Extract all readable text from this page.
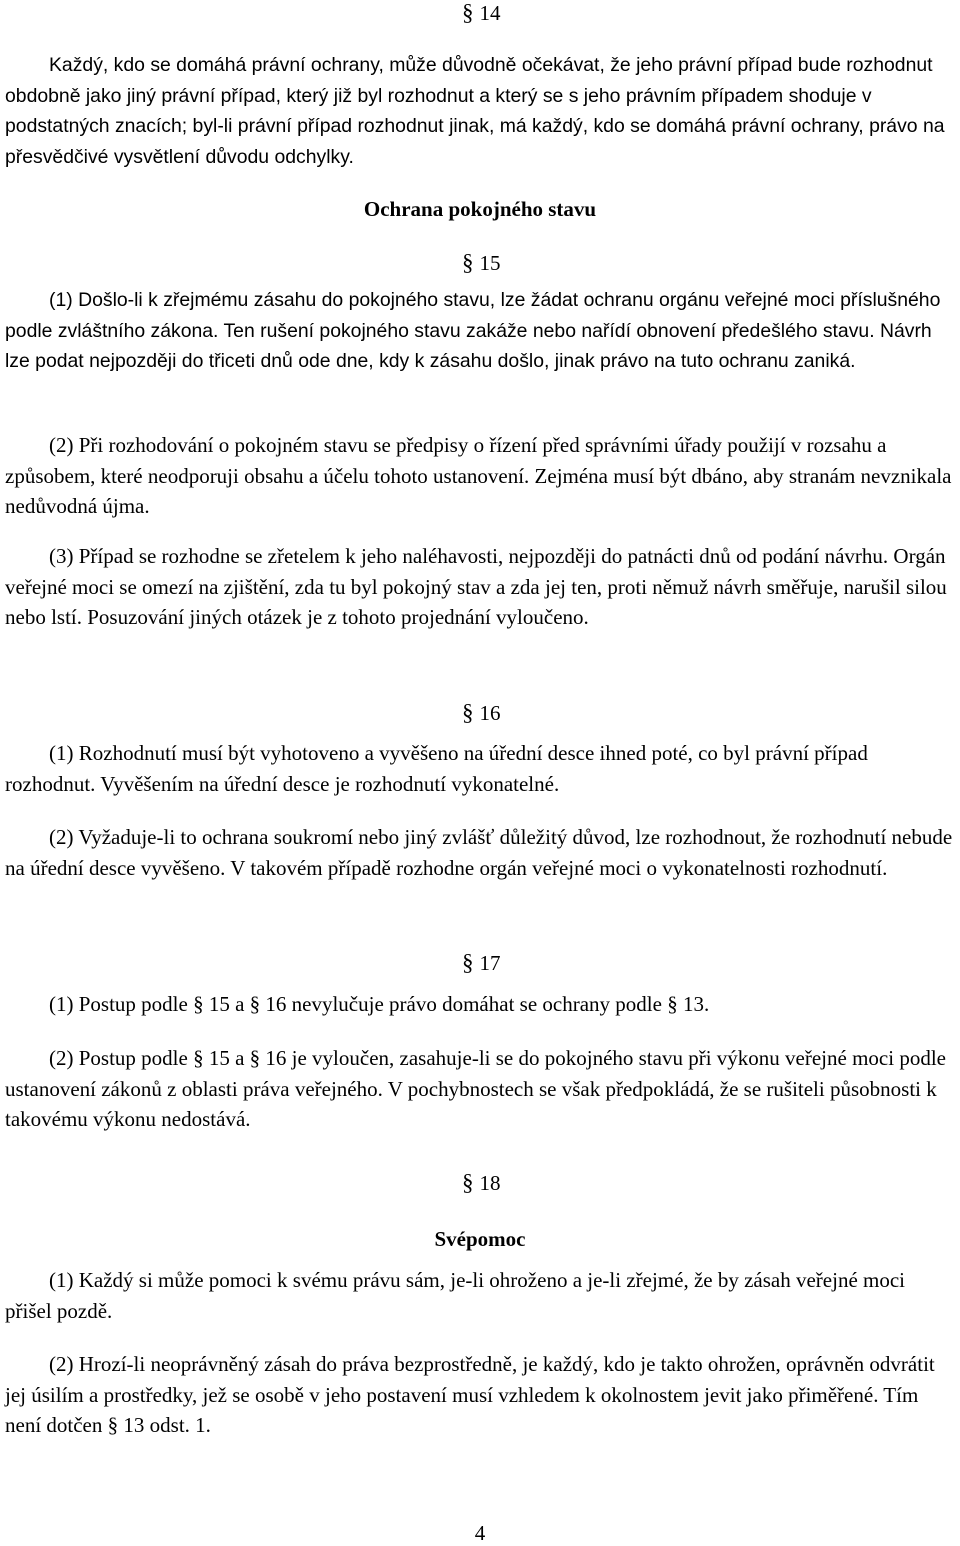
§ 14
Každý, kdo se domáhá právní ochrany, může důvodně očekávat, že jeho právní případ bude rozhodnut obdobně jako jiný právní případ, který již byl rozhodnut a který se s jeho právním případem shoduje v podstatných znacích; byl-li právní případ rozhodnut jinak, má každý, kdo se domáhá právní ochrany, právo na přesvědčivé vysvětlení důvodu odchylky.
Ochrana pokojného stavu
§ 15
(1) Došlo-li k zřejmému zásahu do pokojného stavu, lze žádat ochranu orgánu veřejné moci příslušného podle zvláštního zákona. Ten rušení pokojného stavu zakáže nebo nařídí obnovení předešlého stavu. Návrh lze podat nejpozději do třiceti dnů ode dne, kdy k zásahu došlo, jinak právo na tuto ochranu zaniká.
(2) Při rozhodování o pokojném stavu se předpisy o řízení před správními úřady použijí v rozsahu a způsobem, které neodporuji obsahu a účelu tohoto ustanovení. Zejména musí být dbáno, aby stranám nevznikala nedůvodná újma.
(3) Případ se rozhodne se zřetelem k jeho naléhavosti, nejpozději do patnácti dnů od podání návrhu. Orgán veřejné moci se omezí na zjištění, zda tu byl pokojný stav a zda jej ten, proti němuž návrh směřuje, narušil silou nebo lstí. Posuzování jiných otázek je z tohoto projednání vyloučeno.
§ 16
(1) Rozhodnutí musí být vyhotoveno a vyvěšeno na úřední desce ihned poté, co byl právní případ rozhodnut. Vyvěšením na úřední desce je rozhodnutí vykonatelné.
(2) Vyžaduje-li to ochrana soukromí nebo jiný zvlášť důležitý důvod, lze rozhodnout, že rozhodnutí nebude na úřední desce vyvěšeno. V takovém případě rozhodne orgán veřejné moci o vykonatelnosti rozhodnutí.
§ 17
(1) Postup podle § 15 a § 16 nevylučuje právo domáhat se ochrany podle § 13.
(2) Postup podle § 15 a § 16 je vyloučen, zasahuje-li se do pokojného stavu při výkonu veřejné moci podle ustanovení zákonů z oblasti práva veřejného. V pochybnostech se však předpokládá, že se rušiteli působnosti k takovému výkonu nedostává.
§ 18
Svépomoc
(1) Každý si může pomoci k svému právu sám, je-li ohroženo a je-li zřejmé, že by zásah veřejné moci přišel pozdě.
(2) Hrozí-li neoprávněný zásah do práva bezprostředně, je každý, kdo je takto ohrožen, oprávněn odvrátit jej úsilím a prostředky, jež se osobě v jeho postavení musí vzhledem k okolnostem jevit jako přiměřené. Tím není dotčen § 13 odst. 1.
4
